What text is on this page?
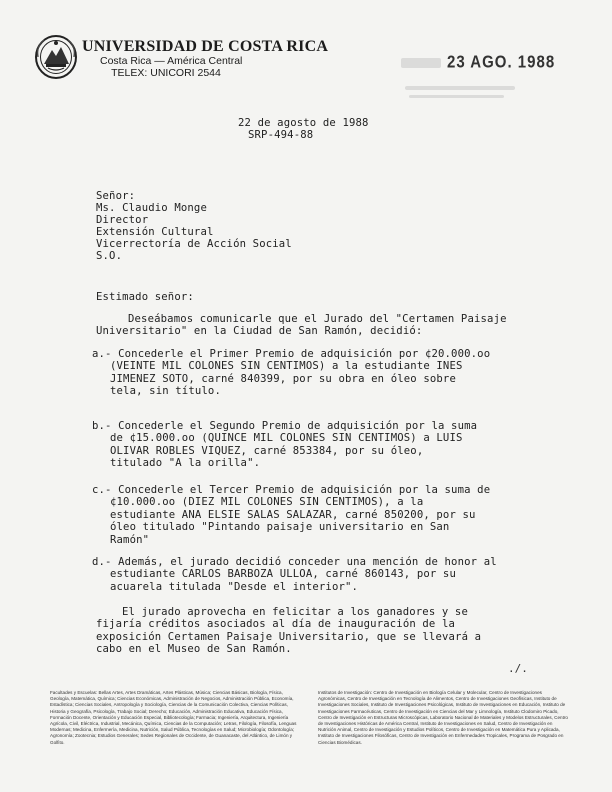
UNIVERSIDAD DE COSTA RICA
Costa Rica — América Central
TELEX: UNICORI 2544
23 AGO. 1988
22 de agosto de 1988
SRP-494-88
Señor:
Ms. Claudio Monge
Director
Extensión Cultural
Vicerrectoría de Acción Social
S.O.
Estimado señor:
Deseábamos comunicarle que el Jurado del "Certamen Paisaje
Universitario" en la Ciudad de San Ramón, decidió:
a.- Concederle el Primer Premio de adquisición por ¢20.000.oo
(VEINTE MIL COLONES SIN CENTIMOS) a la estudiante INES
JIMENEZ SOTO, carné 840399, por su obra en óleo sobre
tela, sin título.
b.- Concederle el Segundo Premio de adquisición por la suma
de ¢15.000.oo (QUINCE MIL COLONES SIN CENTIMOS) a LUIS
OLIVAR ROBLES VIQUEZ, carné 853384, por su óleo,
titulado "A la orilla".
c.- Concederle el Tercer Premio de adquisición por la suma de
¢10.000.oo (DIEZ MIL COLONES SIN CENTIMOS), a la
estudiante ANA ELSIE SALAS SALAZAR, carné 850200, por su
óleo titulado "Pintando paisaje universitario en San
Ramón"
d.- Además, el jurado decidió conceder una mención de honor al
estudiante CARLOS BARBOZA ULLOA, carné 860143, por su
acuarela titulada "Desde el interior".
El jurado aprovecha en felicitar a los ganadores y se
fijaría créditos asociados al día de inauguración de la
exposición Certamen Paisaje Universitario, que se llevará a
cabo en el Museo de San Ramón.
./.
Facultades y Escuelas: Bellas Artes, Artes Dramáticas, Artes Plásticas, Música; Ciencias Básicas, Biología, Física, Geología, Matemática, Química; Ciencias Económicas, Administración de Negocios, Administración Pública, Economía, Estadística; Ciencias Sociales, Antropología y Sociología, Ciencias de la Comunicación Colectiva, Ciencias Políticas, Historia y Geografía, Psicología, Trabajo Social; Derecho; Educación, Administración Educativa, Educación Física, Formación Docente, Orientación y Educación Especial, Bibliotecología; Farmacia; Ingeniería, Arquitectura, Ingeniería Agrícola, Civil, Eléctrica, Industrial, Mecánica, Química, Ciencias de la Computación; Letras, Filología, Filosofía, Lenguas Modernas; Medicina, Enfermería, Medicina, Nutrición, Salud Pública, Tecnologías en Salud; Microbiología; Odontología; Agronomía; Zootecnia; Estudios Generales; Sedes Regionales de Occidente, de Guanacaste, del Atlántico, de Limón y Golfito.
Institutos de Investigación: Centro de Investigación en Biología Celular y Molecular, Centro de Investigaciones Agronómicas, Centro de Investigación en Tecnología de Alimentos, Centro de Investigaciones Geofísicas, Instituto de Investigaciones Sociales, Instituto de Investigaciones Psicológicas, Instituto de Investigaciones en Educación, Instituto de Investigaciones Farmacéuticas, Centro de Investigación en Ciencias del Mar y Limnología, Instituto Clodomiro Picado, Centro de Investigación en Estructuras Microscópicas, Laboratorio Nacional de Materiales y Modelos Estructurales, Centro de Investigaciones Históricas de América Central, Instituto de Investigaciones en Salud, Centro de Investigación en Nutrición Animal, Centro de Investigación y Estudios Políticos, Centro de Investigación en Matemática Pura y Aplicada, Instituto de Investigaciones Filosóficas, Centro de Investigación en Enfermedades Tropicales, Programa de Posgrado en Ciencias Biomédicas.
